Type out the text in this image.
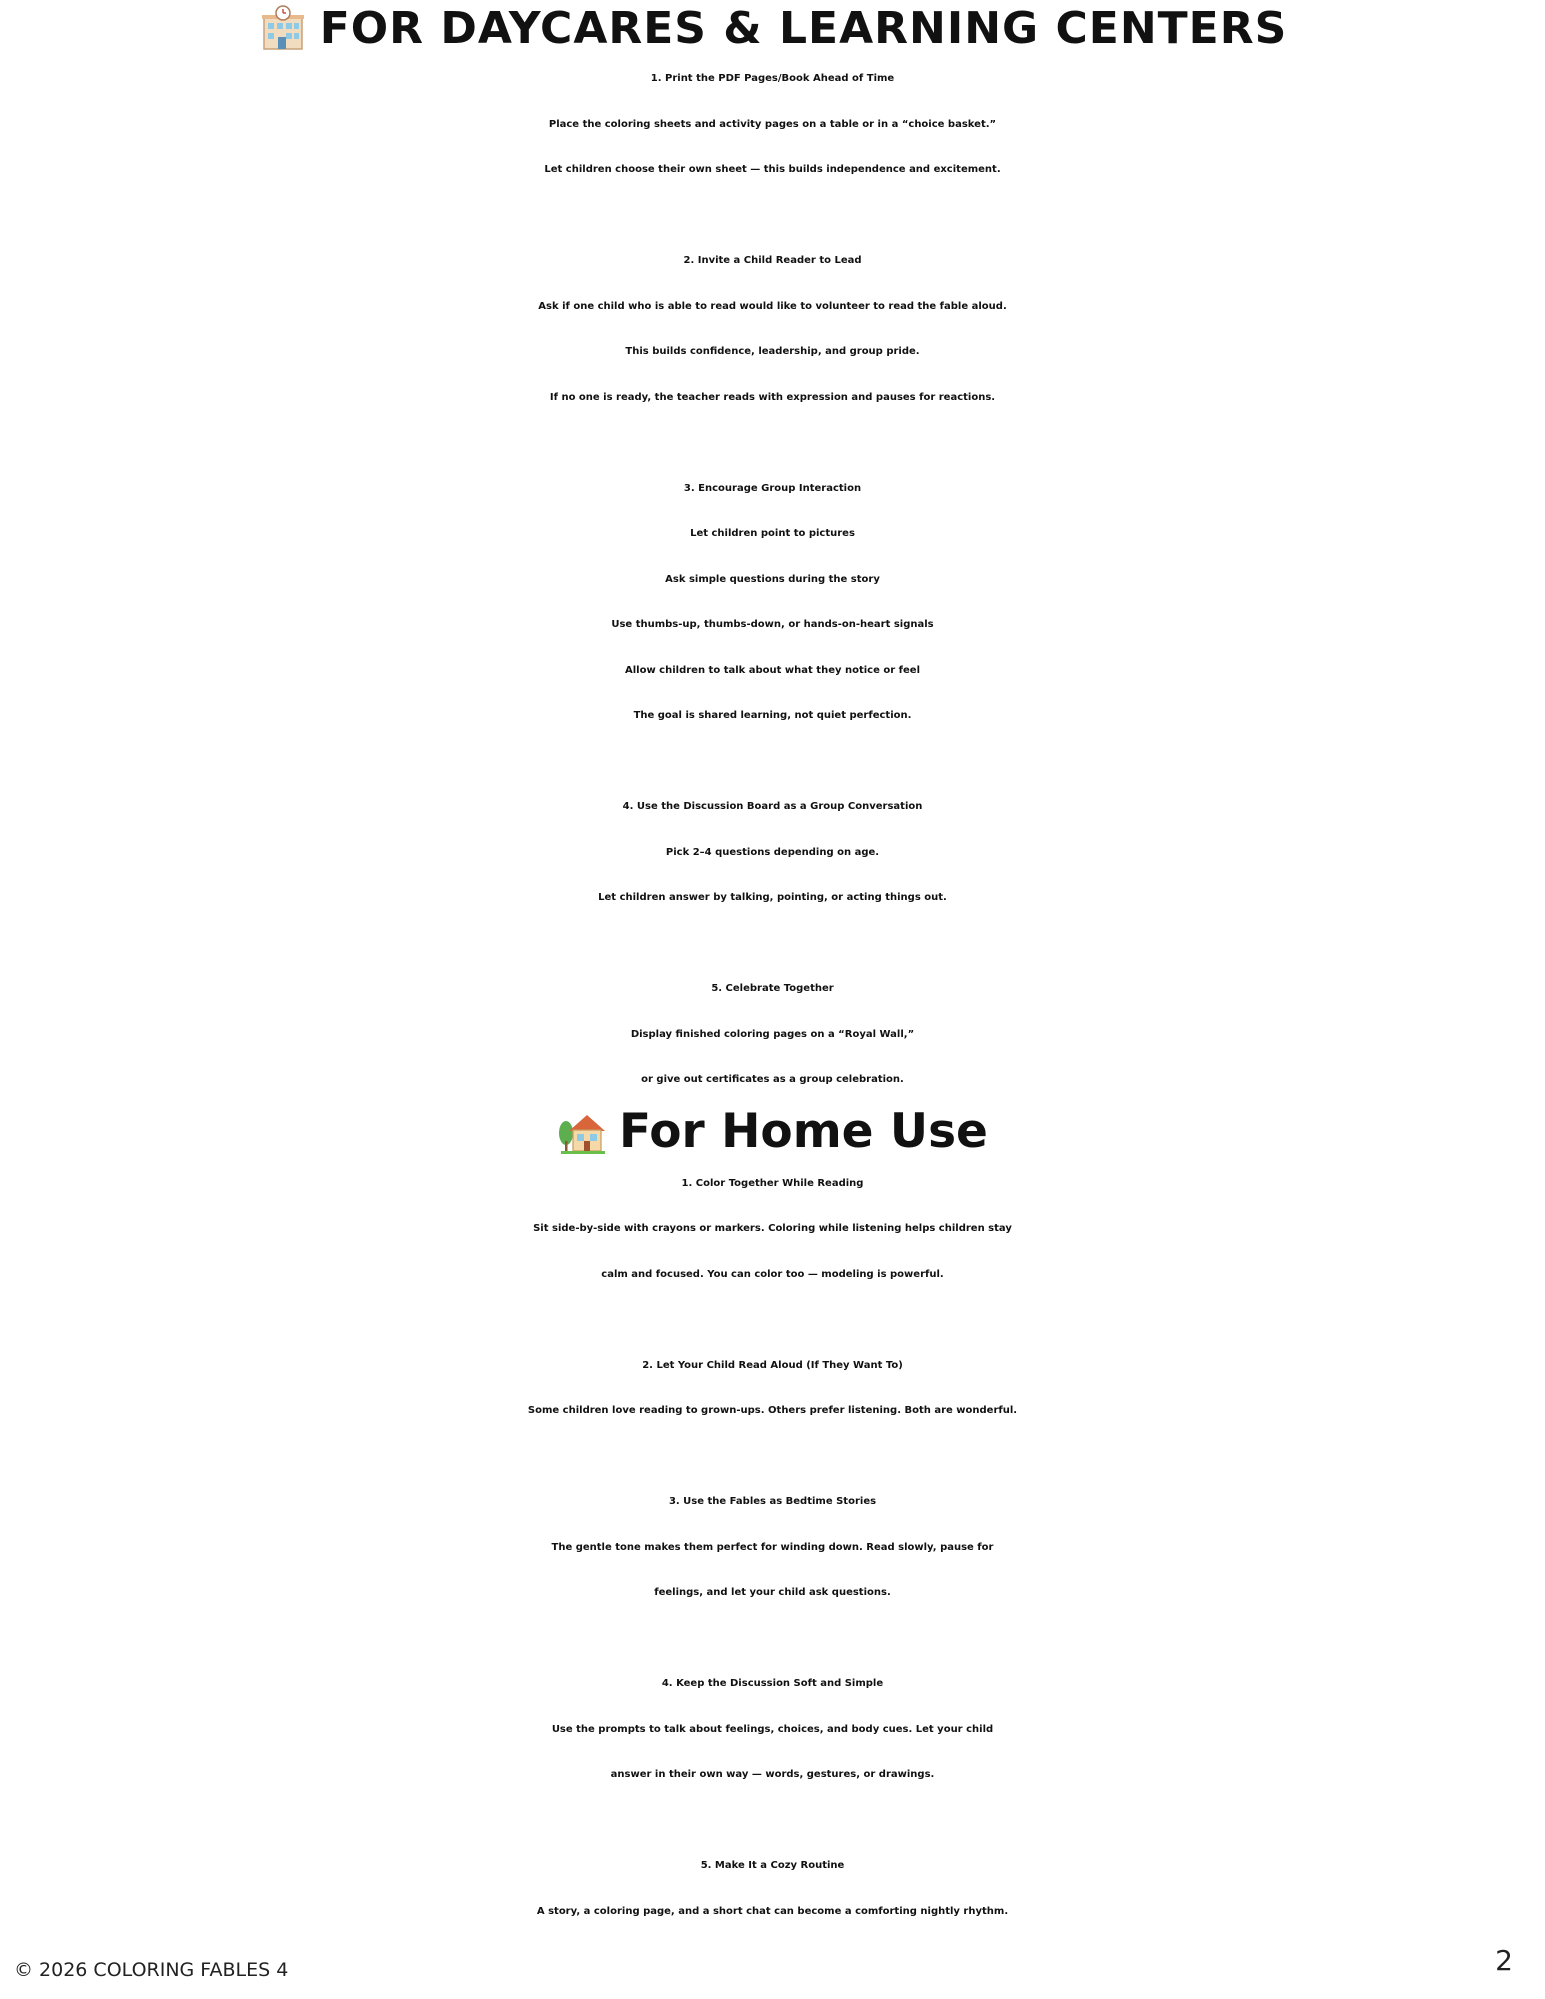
FOR DAYCARES & LEARNING CENTERS
1. Print the PDF Pages/Book Ahead of Time
Place the coloring sheets and activity pages on a table or in a “choice basket.”
Let children choose their own sheet — this builds independence and excitement.
2. Invite a Child Reader to Lead
Ask if one child who is able to read would like to volunteer to read the fable aloud.
This builds confidence, leadership, and group pride.
If no one is ready, the teacher reads with expression and pauses for reactions.
3. Encourage Group Interaction
Let children point to pictures
Ask simple questions during the story
Use thumbs-up, thumbs-down, or hands-on-heart signals
Allow children to talk about what they notice or feel
The goal is shared learning, not quiet perfection.
4. Use the Discussion Board as a Group Conversation
Pick 2–4 questions depending on age.
Let children answer by talking, pointing, or acting things out.
5. Celebrate Together
Display finished coloring pages on a “Royal Wall,”
or give out certificates as a group celebration.
For Home Use
1. Color Together While Reading
Sit side-by-side with crayons or markers. Coloring while listening helps children stay
calm and focused. You can color too — modeling is powerful.
2. Let Your Child Read Aloud (If They Want To)
Some children love reading to grown-ups. Others prefer listening. Both are wonderful.
3. Use the Fables as Bedtime Stories
The gentle tone makes them perfect for winding down. Read slowly, pause for
feelings, and let your child ask questions.
4. Keep the Discussion Soft and Simple
Use the prompts to talk about feelings, choices, and body cues. Let your child
answer in their own way — words, gestures, or drawings.
5. Make It a Cozy Routine
A story, a coloring page, and a short chat can become a comforting nightly rhythm.
© 2026 COLORING FABLES 4	2
